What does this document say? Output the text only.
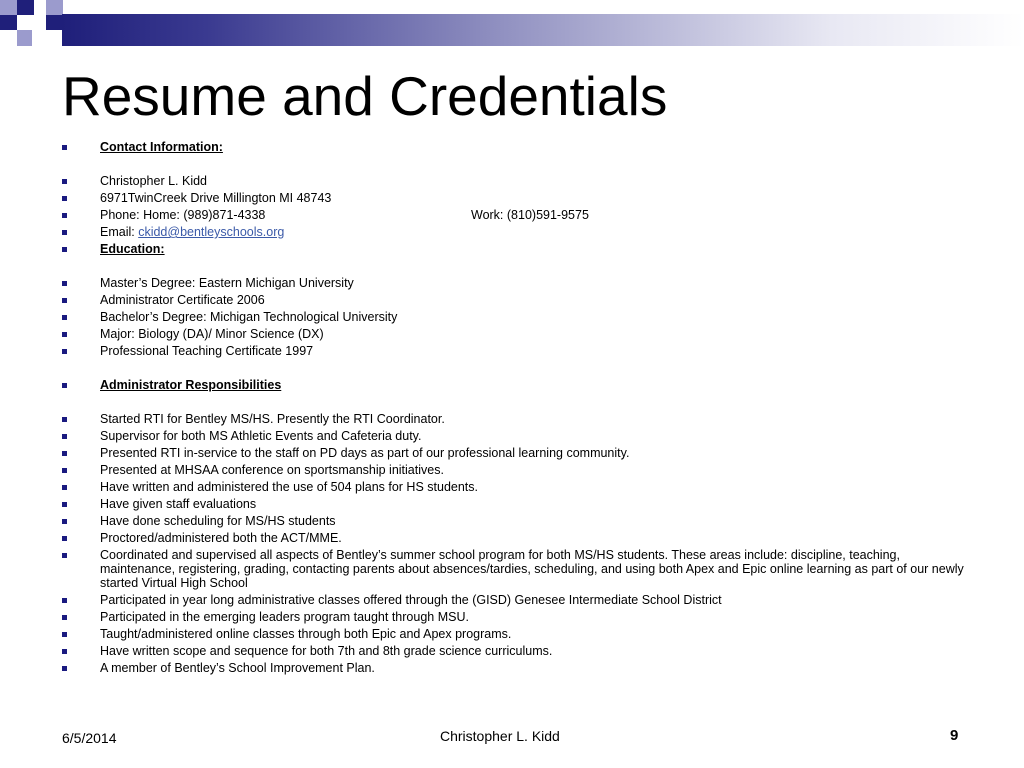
Resume and Credentials
Contact Information:
Christopher L. Kidd
6971TwinCreek Drive Millington MI 48743
Phone: Home: (989)871-4338	Work: (810)591-9575
Email: ckidd@bentleyschools.org
Education:
Master’s Degree: Eastern Michigan University
Administrator Certificate 2006
Bachelor’s Degree: Michigan Technological University
Major: Biology (DA)/ Minor Science (DX)
Professional Teaching Certificate 1997
Administrator Responsibilities
Started RTI for Bentley MS/HS. Presently the RTI Coordinator.
Supervisor for both MS Athletic Events and Cafeteria duty.
Presented RTI in-service to the staff on PD days as part of our professional learning community.
Presented at MHSAA conference on sportsmanship initiatives.
Have written and administered the use of 504 plans for HS students.
Have given staff evaluations
Have done scheduling for MS/HS students
Proctored/administered both the ACT/MME.
Coordinated and supervised all aspects of Bentley’s summer school program for both MS/HS students. These areas include: discipline, teaching, maintenance, registering, grading, contacting parents about absences/tardies, scheduling, and using both Apex and Epic online learning as part of our newly started Virtual High School
Participated in year long administrative classes offered through the (GISD) Genesee Intermediate School District
Participated in the emerging leaders program taught through MSU.
Taught/administered online classes through both Epic and Apex programs.
Have written scope and sequence for both 7th and 8th grade science curriculums.
A member of Bentley’s School Improvement Plan.
6/5/2014	Christopher L. Kidd	9
